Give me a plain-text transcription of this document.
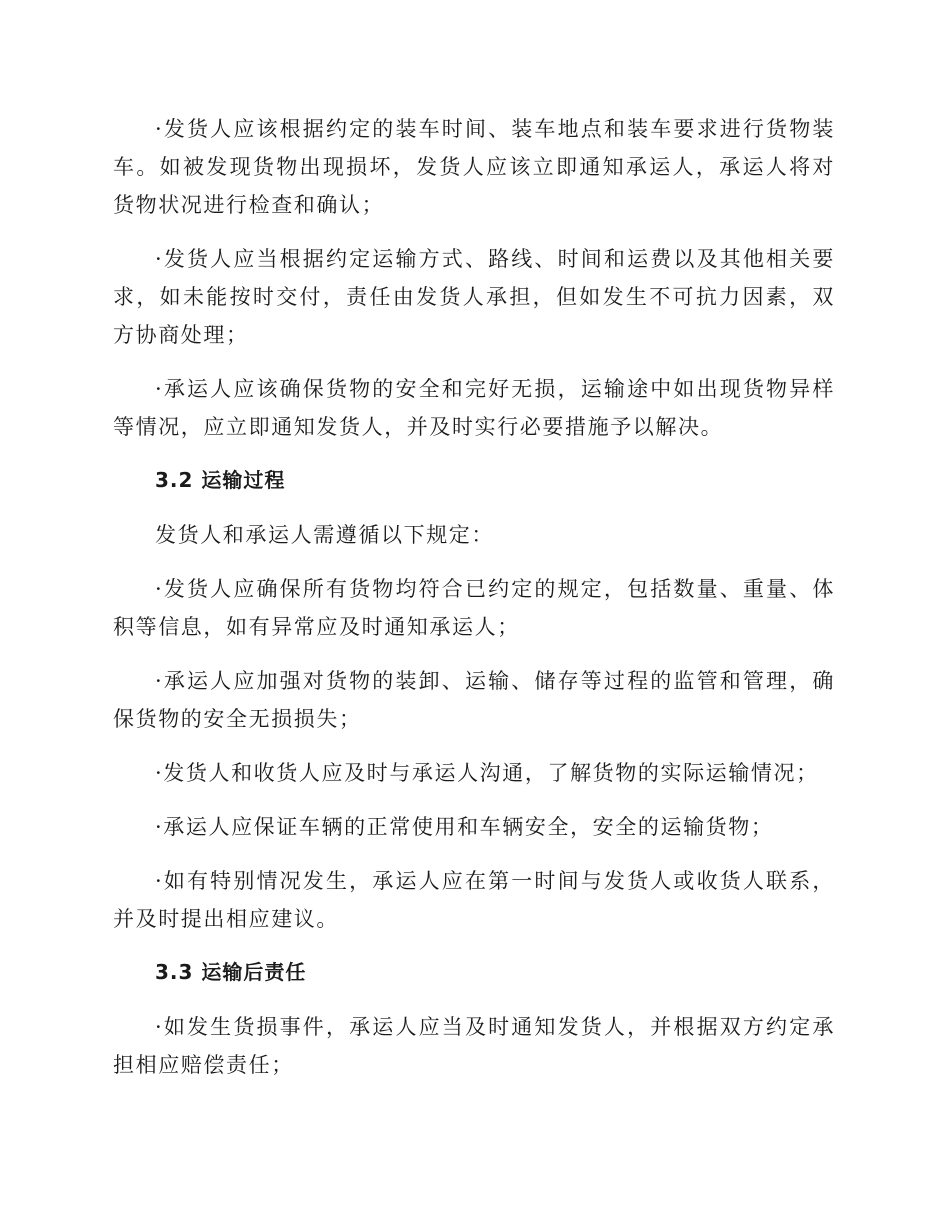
·发货人应该根据约定的装车时间、装车地点和装车要求进行货物装车。如被发现货物出现损坏，发货人应该立即通知承运人，承运人将对货物状况进行检查和确认；

·发货人应当根据约定运输方式、路线、时间和运费以及其他相关要求，如未能按时交付，责任由发货人承担，但如发生不可抗力因素，双方协商处理；

·承运人应该确保货物的安全和完好无损，运输途中如出现货物异样等情况，应立即通知发货人，并及时实行必要措施予以解决。

3.2 运输过程

发货人和承运人需遵循以下规定：

·发货人应确保所有货物均符合已约定的规定，包括数量、重量、体积等信息，如有异常应及时通知承运人；

·承运人应加强对货物的装卸、运输、储存等过程的监管和管理，确保货物的安全无损损失；

·发货人和收货人应及时与承运人沟通，了解货物的实际运输情况；

·承运人应保证车辆的正常使用和车辆安全，安全的运输货物；

·如有特别情况发生，承运人应在第一时间与发货人或收货人联系，并及时提出相应建议。

3.3 运输后责任

·如发生货损事件，承运人应当及时通知发货人，并根据双方约定承担相应赔偿责任；
